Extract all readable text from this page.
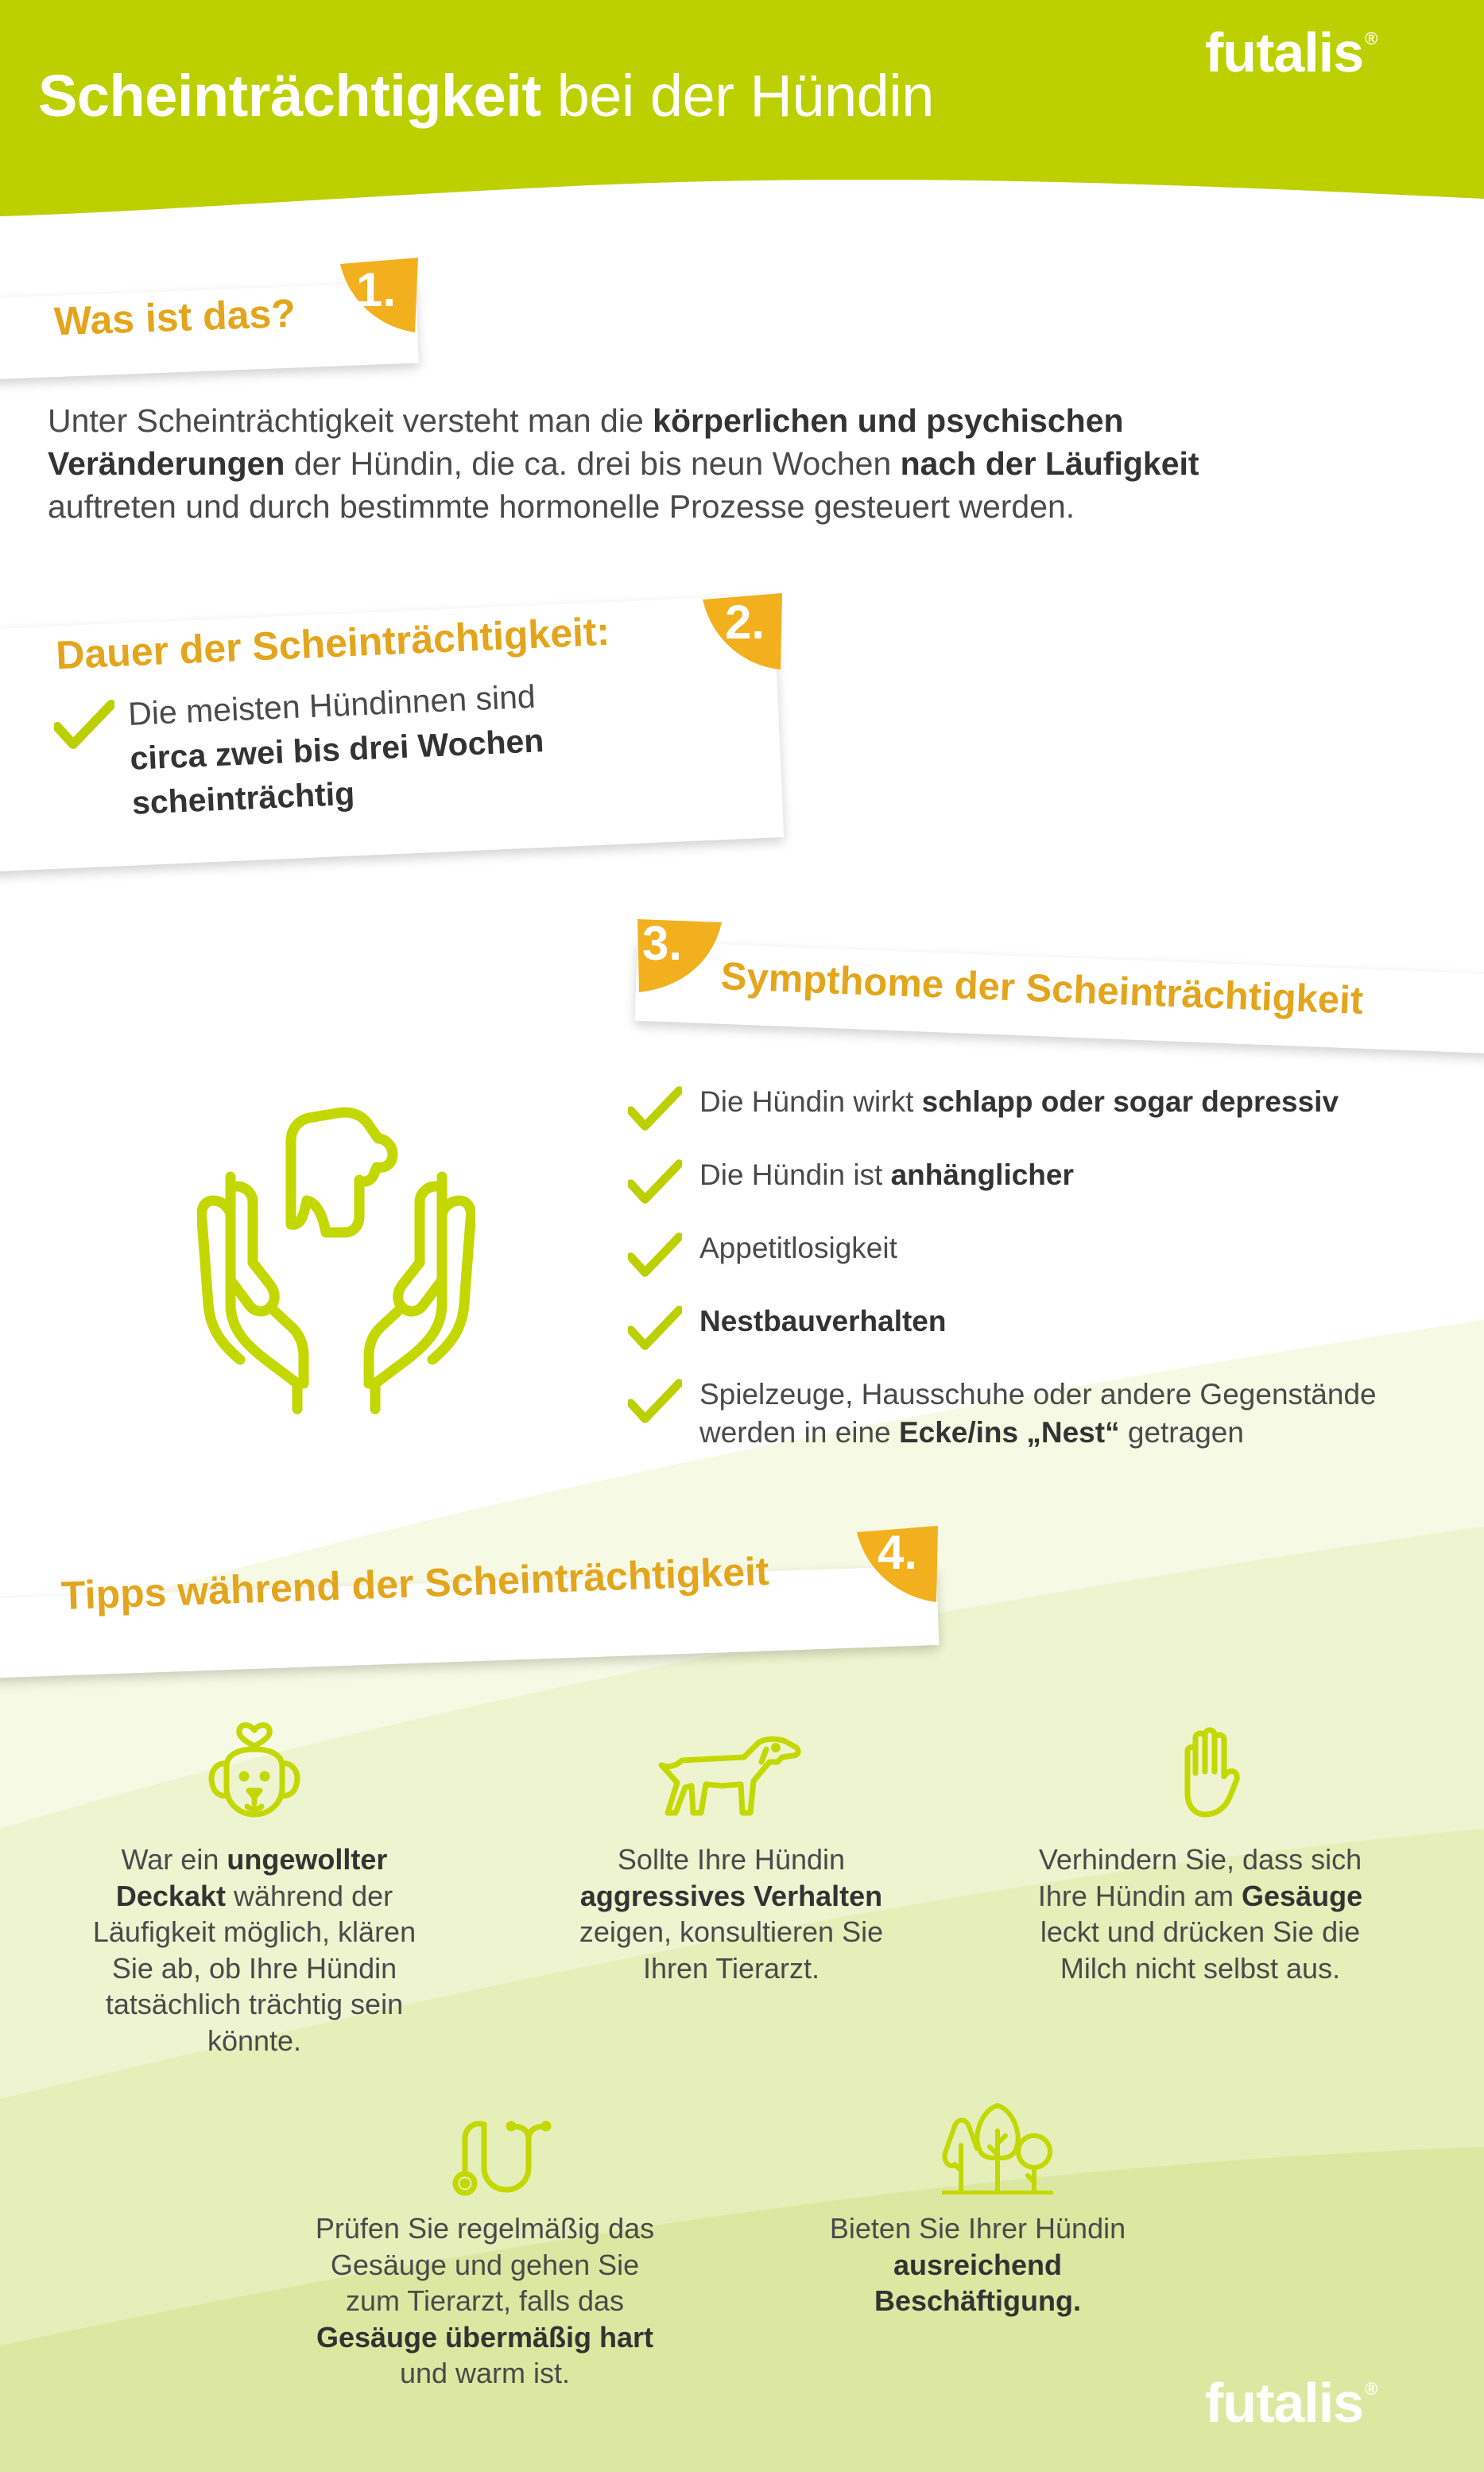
Scheinträchtigkeit bei der Hündin
futalis®
1.
Was ist das?
Unter Scheinträchtigkeit versteht man die körperlichen und psychischen Veränderungen der Hündin, die ca. drei bis neun Wochen nach der Läufigkeit auftreten und durch bestimmte hormonelle Prozesse gesteuert werden.
2.
Dauer der Scheinträchtigkeit:
Die meisten Hündinnen sind
circa zwei bis drei Wochen
scheinträchtig
3.
Sympthome der Scheinträchtigkeit
Die Hündin wirkt schlapp oder sogar depressiv
Die Hündin ist anhänglicher
Appetitlosigkeit
Nestbauverhalten
Spielzeuge, Hausschuhe oder andere Gegenstände werden in eine Ecke/ins „Nest“ getragen
4.
Tipps während der Scheinträchtigkeit
War ein ungewollter Deckakt während der Läufigkeit möglich, klären Sie ab, ob Ihre Hündin tatsächlich trächtig sein könnte.
Sollte Ihre Hündin aggressives Verhalten zeigen, konsultieren Sie Ihren Tierarzt.
Verhindern Sie, dass sich Ihre Hündin am Gesäuge leckt und drücken Sie die Milch nicht selbst aus.
Prüfen Sie regelmäßig das Gesäuge und gehen Sie zum Tierarzt, falls das Gesäuge übermäßig hart und warm ist.
Bieten Sie Ihrer Hündin ausreichend Beschäftigung.
futalis®
